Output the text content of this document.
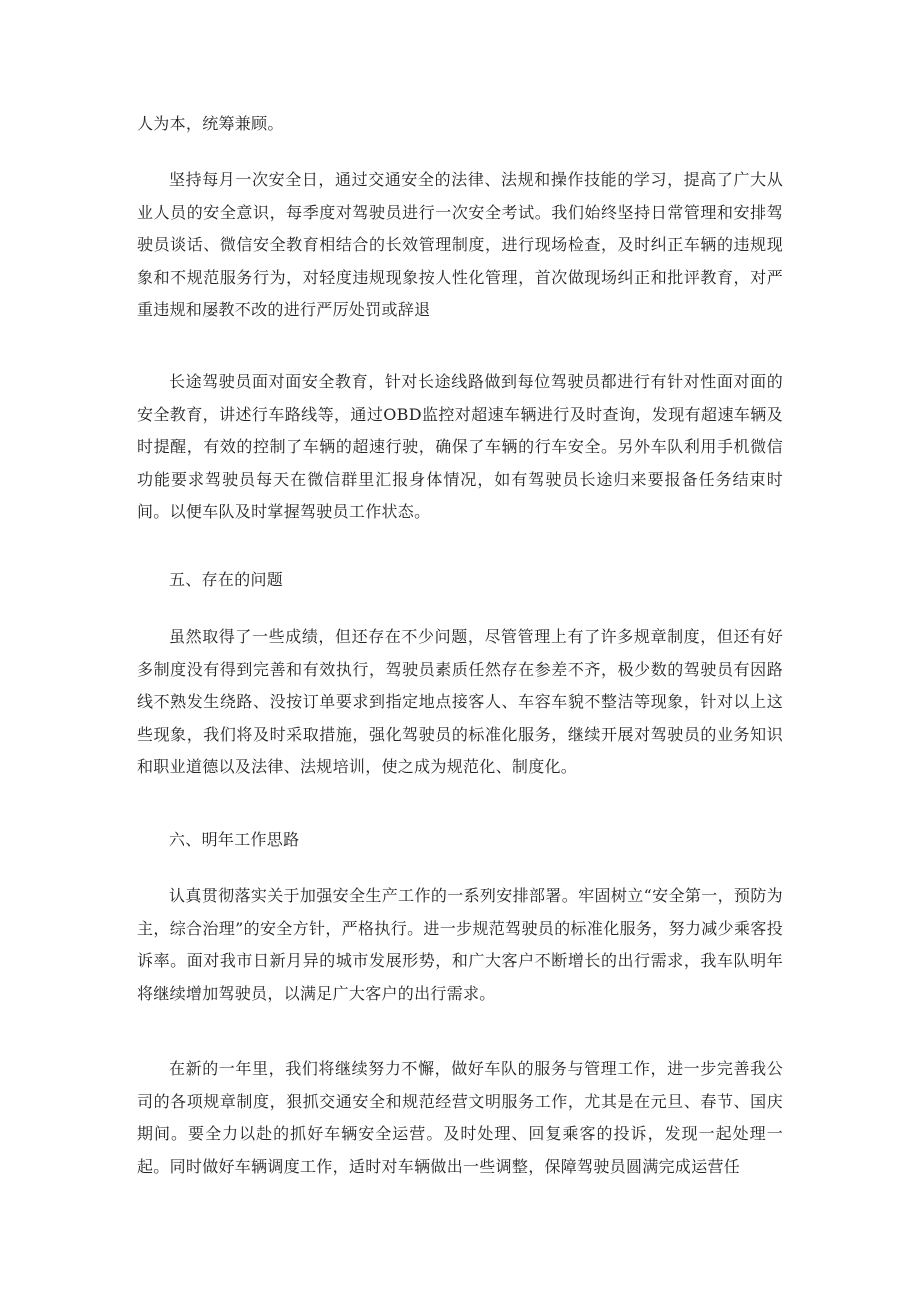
人为本，统筹兼顾。

坚持每月一次安全日，通过交通安全的法律、法规和操作技能的学习，提高了广大从业人员的安全意识，每季度对驾驶员进行一次安全考试。我们始终坚持日常管理和安排驾驶员谈话、微信安全教育相结合的长效管理制度，进行现场检查，及时纠正车辆的违规现象和不规范服务行为，对轻度违规现象按人性化管理，首次做现场纠正和批评教育，对严重违规和屡教不改的进行严厉处罚或辞退

长途驾驶员面对面安全教育，针对长途线路做到每位驾驶员都进行有针对性面对面的安全教育，讲述行车路线等，通过OBD监控对超速车辆进行及时查询，发现有超速车辆及时提醒，有效的控制了车辆的超速行驶，确保了车辆的行车安全。另外车队利用手机微信功能要求驾驶员每天在微信群里汇报身体情况，如有驾驶员长途归来要报备任务结束时间。以便车队及时掌握驾驶员工作状态。

五、存在的问题

虽然取得了一些成绩，但还存在不少问题，尽管管理上有了许多规章制度，但还有好多制度没有得到完善和有效执行，驾驶员素质任然存在参差不齐，极少数的驾驶员有因路线不熟发生绕路、没按订单要求到指定地点接客人、车容车貌不整洁等现象，针对以上这些现象，我们将及时采取措施，强化驾驶员的标准化服务，继续开展对驾驶员的业务知识和职业道德以及法律、法规培训，使之成为规范化、制度化。

六、明年工作思路

认真贯彻落实关于加强安全生产工作的一系列安排部署。牢固树立“安全第一，预防为主，综合治理”的安全方针，严格执行。进一步规范驾驶员的标准化服务，努力减少乘客投诉率。面对我市日新月异的城市发展形势，和广大客户不断增长的出行需求，我车队明年将继续增加驾驶员，以满足广大客户的出行需求。

在新的一年里，我们将继续努力不懈，做好车队的服务与管理工作，进一步完善我公司的各项规章制度，狠抓交通安全和规范经营文明服务工作，尤其是在元旦、春节、国庆期间。要全力以赴的抓好车辆安全运营。及时处理、回复乘客的投诉，发现一起处理一起。同时做好车辆调度工作，适时对车辆做出一些调整，保障驾驶员圆满完成运营任
